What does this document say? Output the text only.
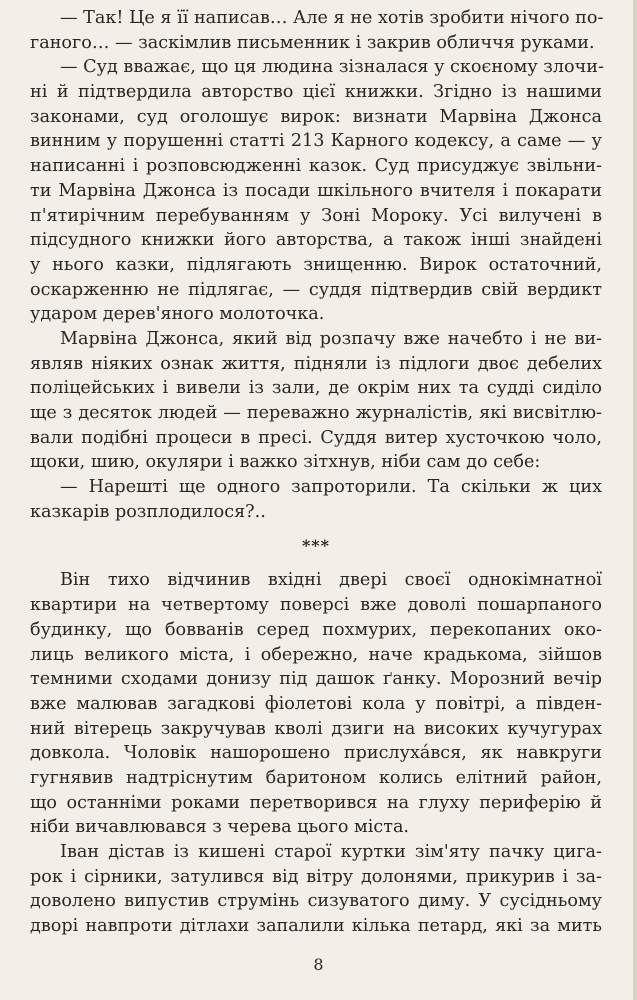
— Так! Це я її написав… Але я не хотів зробити нічого по-
ганого… — заскімлив письменник і закрив обличчя руками.
— Суд вважає, що ця людина зізналася у скоєному злочи-
ні й підтвердила авторство цієї книжки. Згідно із нашими
законами, суд оголошує вирок: визнати Марвіна Джонса
винним у порушенні статті 213 Карного кодексу, а саме — у
написанні і розповсюдженні казок. Суд присуджує звільни-
ти Марвіна Джонса із посади шкільного вчителя і покарати
п'ятирічним перебуванням у Зоні Мороку. Усі вилучені в
підсудного книжки його авторства, а також інші знайдені
у нього казки, підлягають знищенню. Вирок остаточний,
оскарженню не підлягає, — суддя підтвердив свій вердикт
ударом дерев'яного молоточка.
Марвіна Джонса, який від розпачу вже начебто і не ви-
являв ніяких ознак життя, підняли із підлоги двоє дебелих
поліцейських і вивели із зали, де окрім них та судді сиділо
ще з десяток людей — переважно журналістів, які висвітлю-
вали подібні процеси в пресі. Суддя витер хусточкою чоло,
щоки, шию, окуляри і важко зітхнув, ніби сам до себе:
— Нарешті ще одного запроторили. Та скільки ж цих
казкарів розплодилося?..
***
Він тихо відчинив вхідні двері своєї однокімнатної
квартири на четвертому поверсі вже доволі пошарпаного
будинку, що бовванів серед похмурих, перекопаних око-
лиць великого міста, і обережно, наче крадькома, зійшов
темними сходами донизу під дашок ґанку. Морозний вечір
вже малював загадкові фіолетові кола у повітрі, а півден-
ний вітерець закручував кволі дзиги на високих кучугурах
довкола. Чоловік нашорошено прислухáвся, як навкруги
гугнявив надтріснутим баритоном колись елітний район,
що останніми роками перетворився на глуху периферію й
ніби вичавлювався з черева цього міста.
Іван дістав із кишені старої куртки зім'яту пачку цига-
рок і сірники, затулився від вітру долонями, прикурив і за-
доволено випустив струмінь сизуватого диму. У сусідньому
дворі навпроти дітлахи запалили кілька петард, які за мить
8
